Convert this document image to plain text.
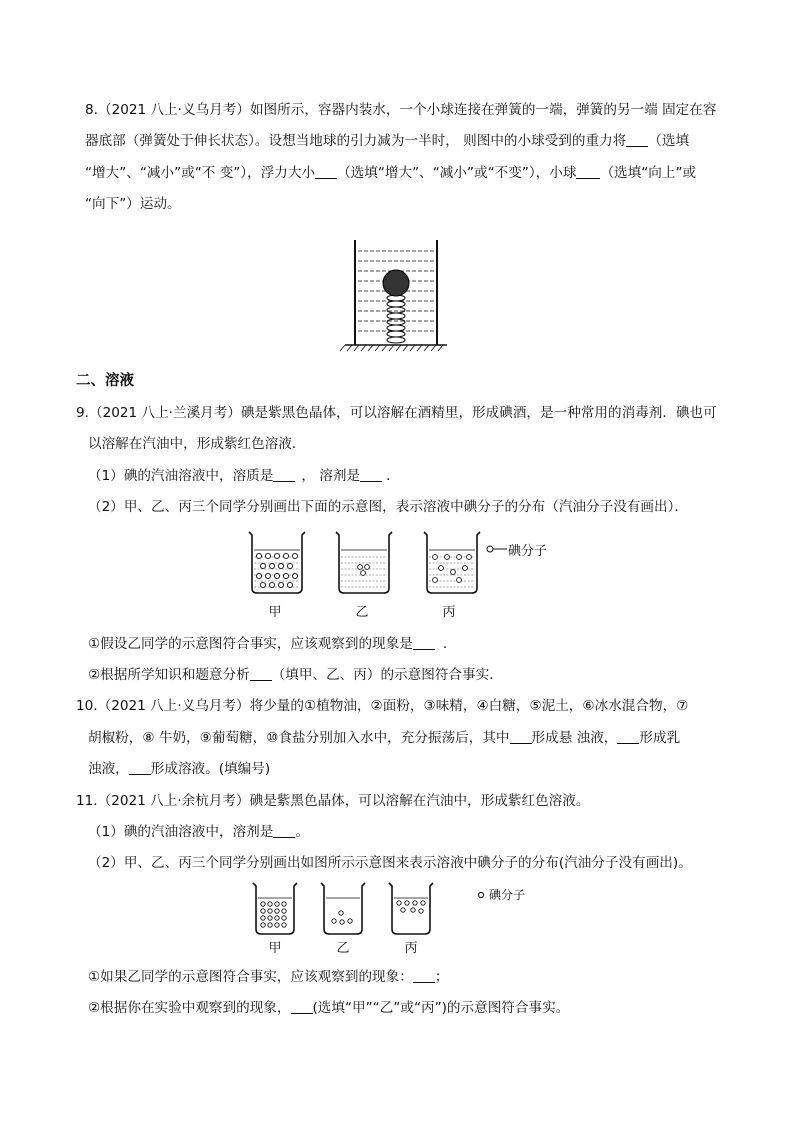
8.（2021 八上·义乌月考）如图所示，容器内装水，一个小球连接在弹簧的一端，弹簧的另一端 固定在容
器底部（弹簧处于伸长状态）。设想当地球的引力减为一半时， 则图中的小球受到的重力将 （选填
“增大”、“减小”或“不 变”），浮力大小 （选填“增大”、“减小”或“不变”），小球 （选填“向上”或
“向下”）运动。
二、溶液
9.（2021 八上·兰溪月考）碘是紫黑色晶体，可以溶解在酒精里，形成碘酒，是一种常用的消毒剂．碘也可
以溶解在汽油中，形成紫红色溶液．
（1）碘的汽油溶液中，溶质是 ， 溶剂是 ．
（2）甲、乙、丙三个同学分别画出下面的示意图，表示溶液中碘分子的分布（汽油分子没有画出）．
碘分子
甲	乙	丙
①假设乙同学的示意图符合事实，应该观察到的现象是 ．
②根据所学知识和题意分析 （填甲、乙、丙）的示意图符合事实．
10.（2021 八上·义乌月考）将少量的①植物油，②面粉，③味精，④白糖，⑤泥土，⑥冰水混合物，⑦
胡椒粉，⑧ 牛奶，⑨葡萄糖，⑩食盐分别加入水中，充分振荡后，其中 形成悬 浊液， 形成乳
浊液， 形成溶液。(填编号)
11.（2021 八上·余杭月考）碘是紫黑色晶体，可以溶解在汽油中，形成紫红色溶液。
（1）碘的汽油溶液中，溶剂是 。
（2）甲、乙、丙三个同学分别画出如图所示示意图来表示溶液中碘分子的分布(汽油分子没有画出)。
碘分子
甲	乙	丙
①如果乙同学的示意图符合事实，应该观察到的现象： ；
②根据你在实验中观察到的现象， (选填“甲”“乙”或“丙”)的示意图符合事实。
